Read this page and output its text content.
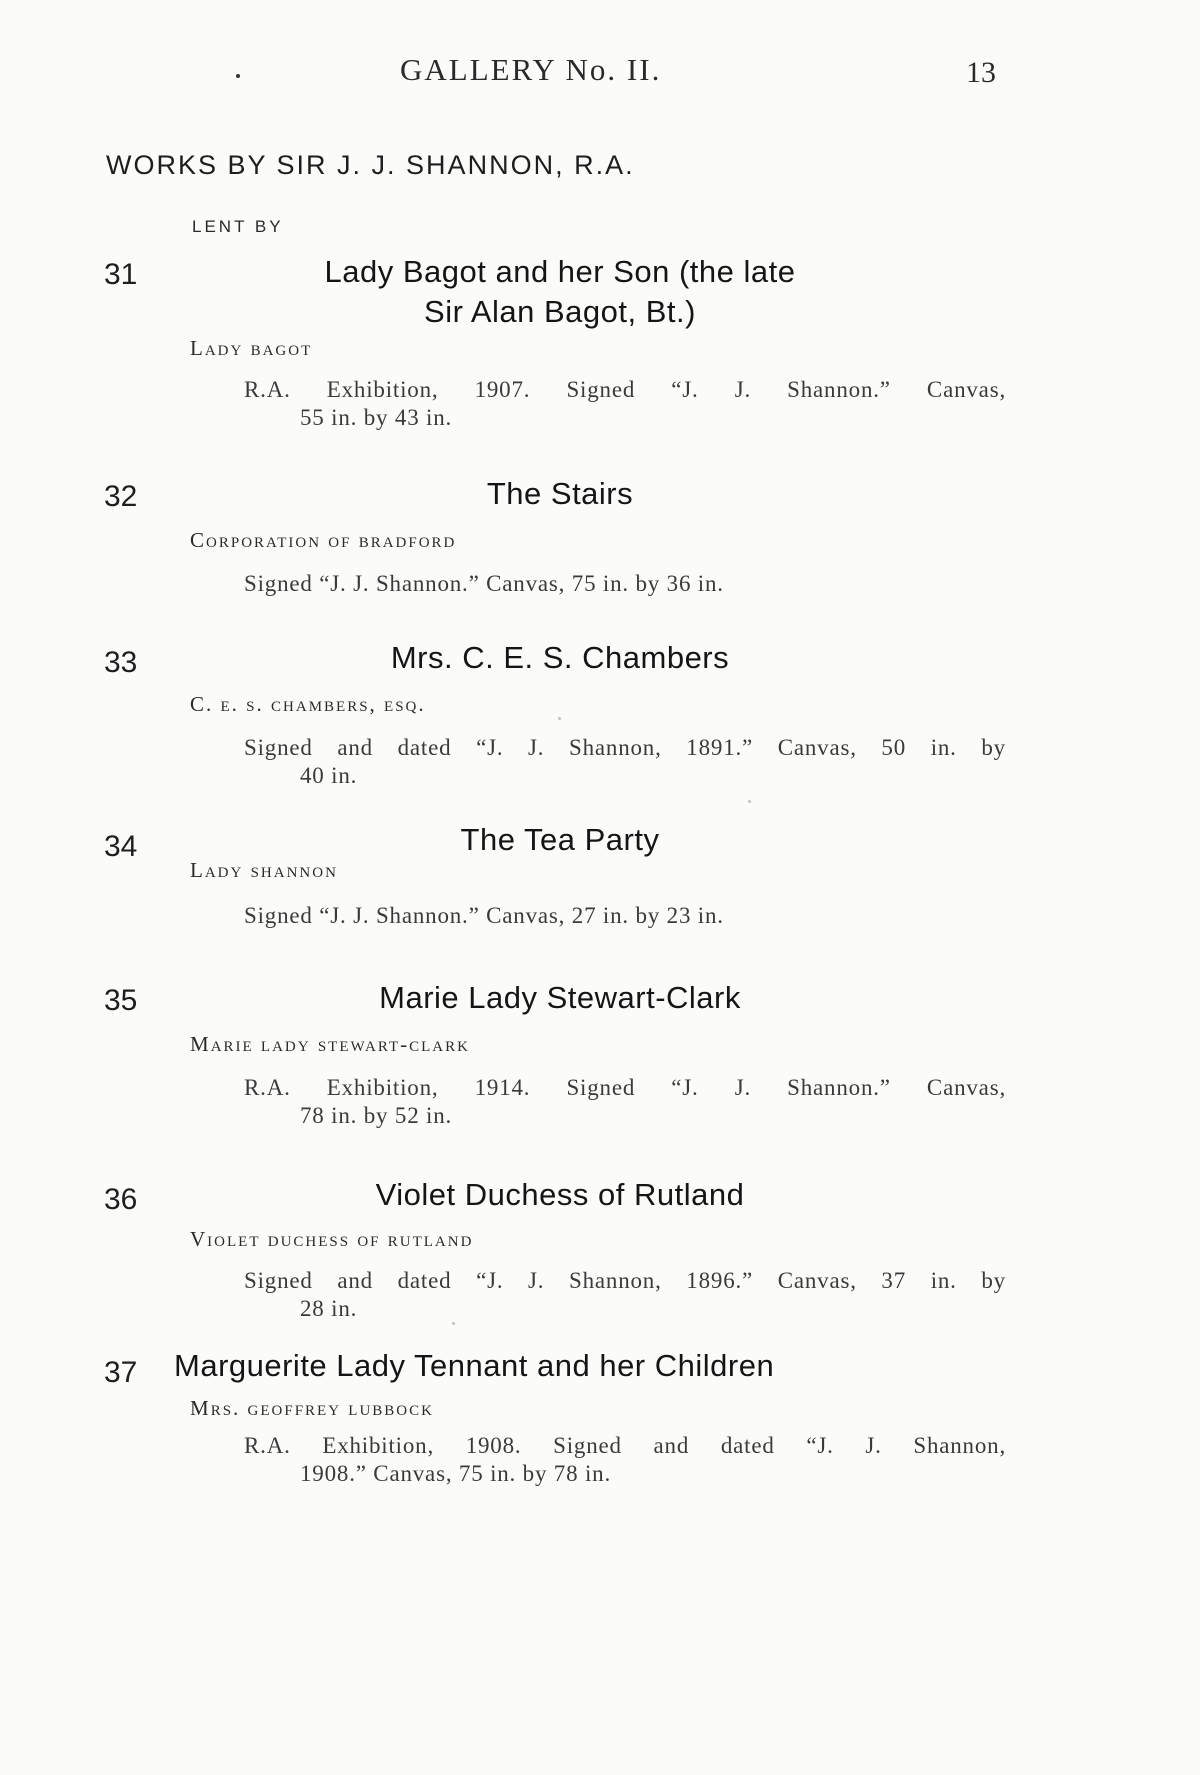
GALLERY No. II.	13
WORKS BY SIR J. J. SHANNON, R.A.
LENT BY
31	Lady Bagot and her Son (the late
Sir Alan Bagot, Bt.)
Lady bagot
R.A. Exhibition, 1907. Signed “J. J. Shannon.” Canvas,
55 in. by 43 in.
32	The Stairs
Corporation of bradford
Signed “J. J. Shannon.” Canvas, 75 in. by 36 in.
33	Mrs. C. E. S. Chambers
C. e. s. chambers, esq.
Signed and dated “J. J. Shannon, 1891.” Canvas, 50 in. by
40 in.
34	The Tea Party
Lady shannon
Signed “J. J. Shannon.” Canvas, 27 in. by 23 in.
35	Marie Lady Stewart-Clark
Marie lady stewart-clark
R.A. Exhibition, 1914. Signed “J. J. Shannon.” Canvas,
78 in. by 52 in.
36	Violet Duchess of Rutland
Violet duchess of rutland
Signed and dated “J. J. Shannon, 1896.” Canvas, 37 in. by
28 in.
37 Marguerite Lady Tennant and her Children
Mrs. geoffrey lubbock
R.A. Exhibition, 1908. Signed and dated “J. J. Shannon,
1908.” Canvas, 75 in. by 78 in.
